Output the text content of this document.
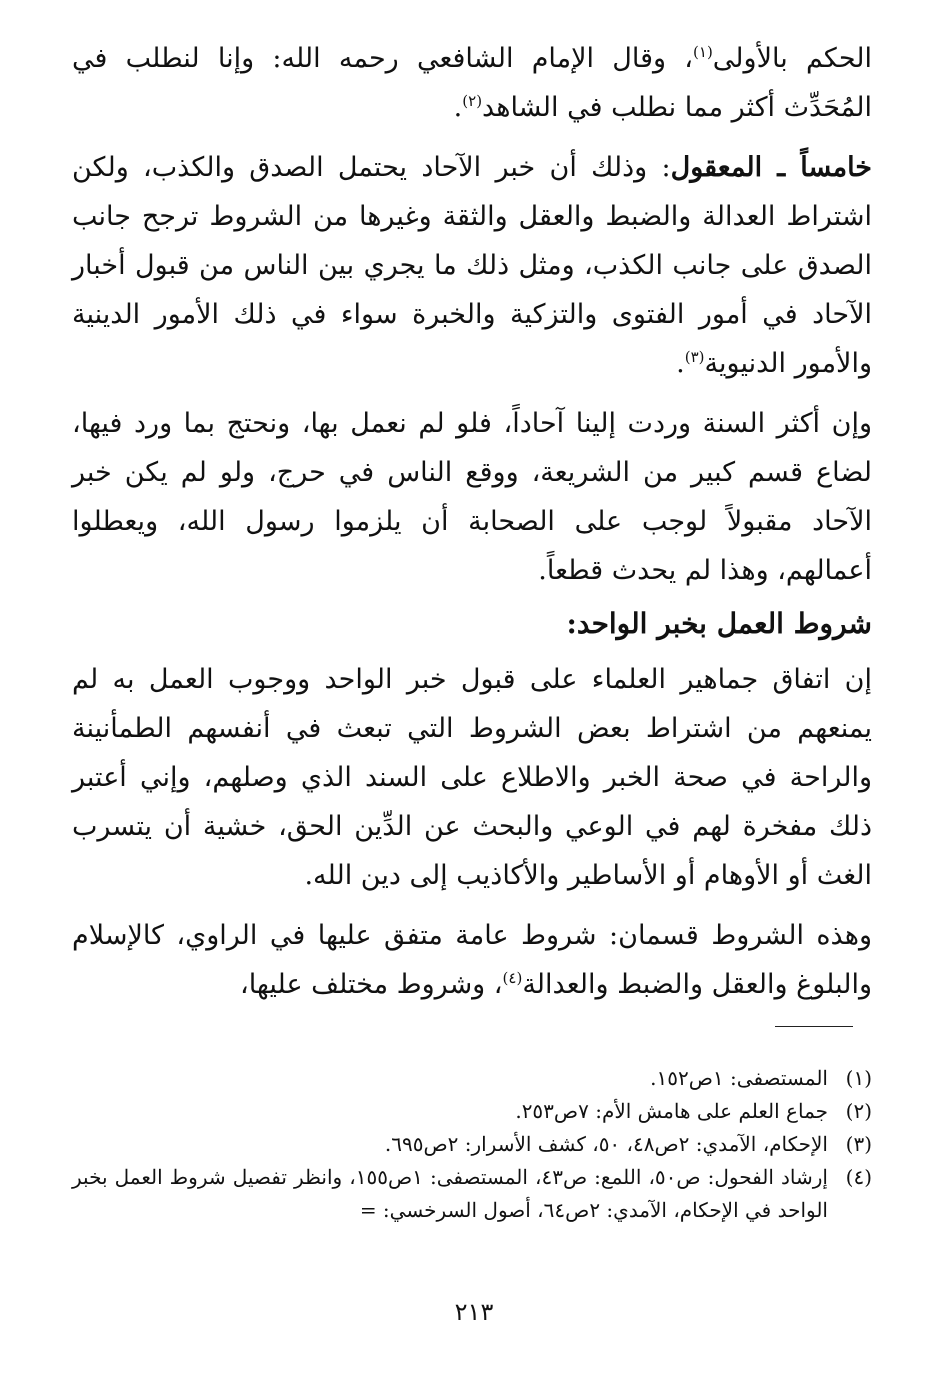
الحكم بالأولى$^{(١)}$، وقال الإمام الشافعي رحمه الله: وإنا لنطلب في المُحَدِّث أكثر مما نطلب في الشاهد$^{(٢)}$.

خامساً ـ المعقول: وذلك أن خبر الآحاد يحتمل الصدق والكذب، ولكن اشتراط العدالة والضبط والعقل والثقة وغيرها من الشروط ترجح جانب الصدق على جانب الكذب، ومثل ذلك ما يجري بين الناس من قبول أخبار الآحاد في أمور الفتوى والتزكية والخبرة سواء في ذلك الأمور الدينية والأمور الدنيوية$^{(٣)}$.

وإن أكثر السنة وردت إلينا آحاداً، فلو لم نعمل بها، ونحتج بما ورد فيها، لضاع قسم كبير من الشريعة، ووقع الناس في حرج، ولو لم يكن خبر الآحاد مقبولاً لوجب على الصحابة أن يلزموا رسول الله، ويعطلوا أعمالهم، وهذا لم يحدث قطعاً.

شروط العمل بخبر الواحد:

إن اتفاق جماهير العلماء على قبول خبر الواحد ووجوب العمل به لم يمنعهم من اشتراط بعض الشروط التي تبعث في أنفسهم الطمأنينة والراحة في صحة الخبر والاطلاع على السند الذي وصلهم، وإني أعتبر ذلك مفخرة لهم في الوعي والبحث عن الدِّين الحق، خشية أن يتسرب الغث أو الأوهام أو الأساطير والأكاذيب إلى دين الله.

وهذه الشروط قسمان: شروط عامة متفق عليها في الراوي، كالإسلام والبلوغ والعقل والضبط والعدالة$^{(٤)}$، وشروط مختلف عليها،

(١)
المستصفى: ١ص١٥٢.
(٢)
جماع العلم على هامش الأم: ٧ص٢٥٣.
(٣)
الإحكام، الآمدي: ٢ص٤٨، ٥٠، كشف الأسرار: ٢ص٦٩٥.
(٤)
إرشاد الفحول: ص٥٠، اللمع: ص٤٣، المستصفى: ١ص١٥٥، وانظر تفصيل شروط العمل بخبر الواحد في الإحكام، الآمدي: ٢ص٦٤، أصول السرخسي: =
٢١٣
